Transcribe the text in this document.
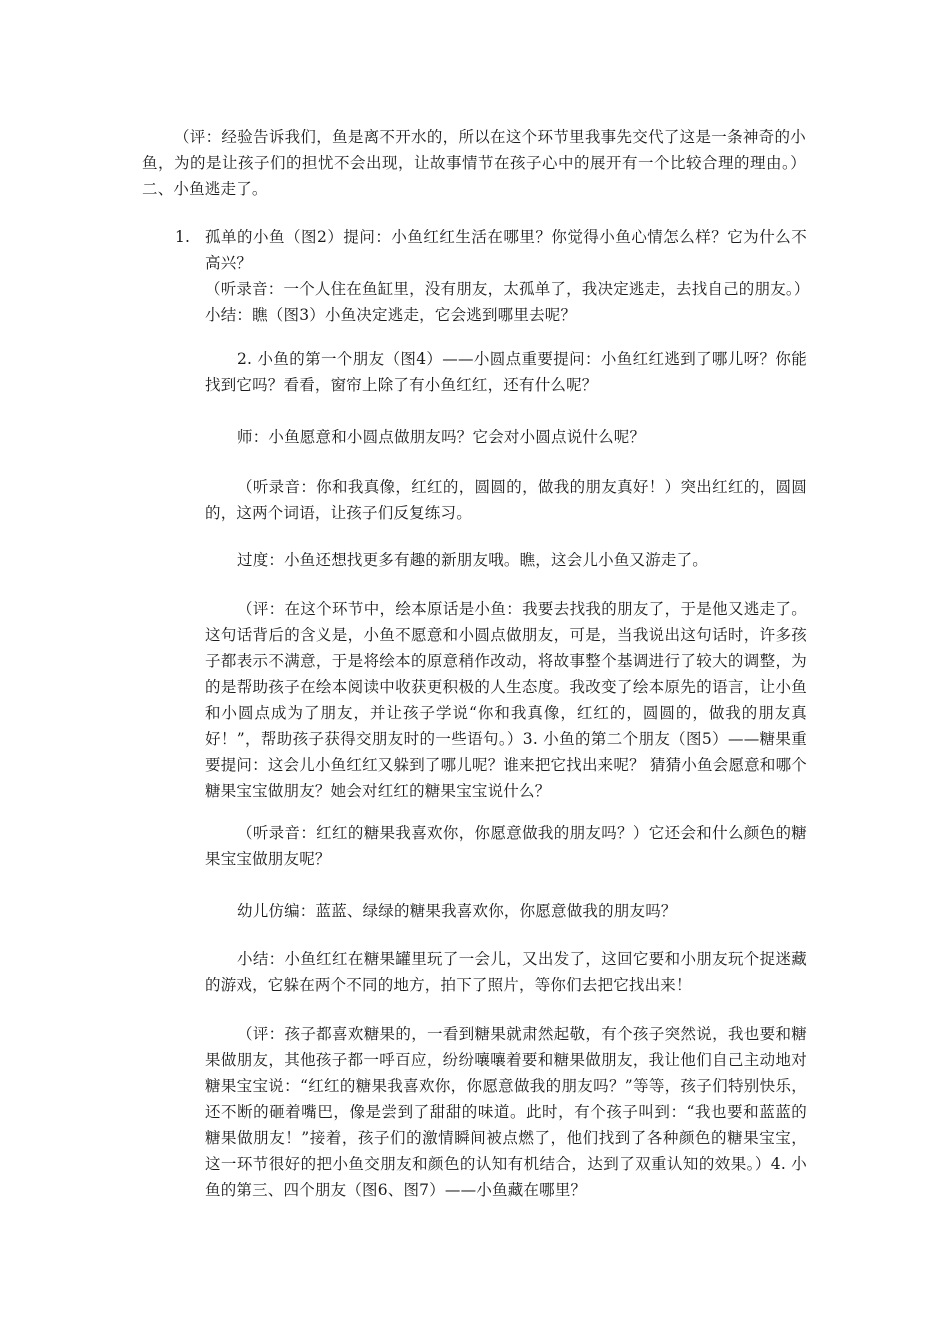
（评：经验告诉我们，鱼是离不开水的，所以在这个环节里我事先交代了这是一条神奇的小鱼，为的是让孩子们的担忧不会出现，让故事情节在孩子心中的展开有一个比较合理的理由。）二、小鱼逃走了。

1. 孤单的小鱼（图2）提问：小鱼红红生活在哪里？你觉得小鱼心情怎么样？它为什么不高兴？
（听录音：一个人住在鱼缸里，没有朋友，太孤单了，我决定逃走，去找自己的朋友。）
小结：瞧（图3）小鱼决定逃走，它会逃到哪里去呢？

2. 小鱼的第一个朋友（图4）——小圆点重要提问：小鱼红红逃到了哪儿呀？你能找到它吗？看看，窗帘上除了有小鱼红红，还有什么呢？

师：小鱼愿意和小圆点做朋友吗？它会对小圆点说什么呢？

（听录音：你和我真像，红红的，圆圆的，做我的朋友真好！）突出红红的，圆圆的，这两个词语，让孩子们反复练习。

过度：小鱼还想找更多有趣的新朋友哦。瞧，这会儿小鱼又游走了。

（评：在这个环节中，绘本原话是小鱼：我要去找我的朋友了，于是他又逃走了。这句话背后的含义是，小鱼不愿意和小圆点做朋友，可是，当我说出这句话时，许多孩子都表示不满意，于是将绘本的原意稍作改动，将故事整个基调进行了较大的调整，为的是帮助孩子在绘本阅读中收获更积极的人生态度。我改变了绘本原先的语言，让小鱼和小圆点成为了朋友，并让孩子学说“你和我真像，红红的，圆圆的，做我的朋友真好！”，帮助孩子获得交朋友时的一些语句。）3. 小鱼的第二个朋友（图5）——糖果重要提问：这会儿小鱼红红又躲到了哪儿呢？谁来把它找出来呢？ 猜猜小鱼会愿意和哪个糖果宝宝做朋友？她会对红红的糖果宝宝说什么？

（听录音：红红的糖果我喜欢你，你愿意做我的朋友吗？）它还会和什么颜色的糖果宝宝做朋友呢？

幼儿仿编：蓝蓝、绿绿的糖果我喜欢你，你愿意做我的朋友吗？

小结：小鱼红红在糖果罐里玩了一会儿，又出发了，这回它要和小朋友玩个捉迷藏的游戏，它躲在两个不同的地方，拍下了照片，等你们去把它找出来！

（评：孩子都喜欢糖果的，一看到糖果就肃然起敬，有个孩子突然说，我也要和糖果做朋友，其他孩子都一呼百应，纷纷嚷嚷着要和糖果做朋友，我让他们自己主动地对糖果宝宝说：“红红的糖果我喜欢你，你愿意做我的朋友吗？”等等，孩子们特别快乐，还不断的砸着嘴巴，像是尝到了甜甜的味道。此时，有个孩子叫到：“我也要和蓝蓝的糖果做朋友！”接着，孩子们的激情瞬间被点燃了，他们找到了各种颜色的糖果宝宝，这一环节很好的把小鱼交朋友和颜色的认知有机结合，达到了双重认知的效果。）4. 小鱼的第三、四个朋友（图6、图7）——小鱼藏在哪里？
